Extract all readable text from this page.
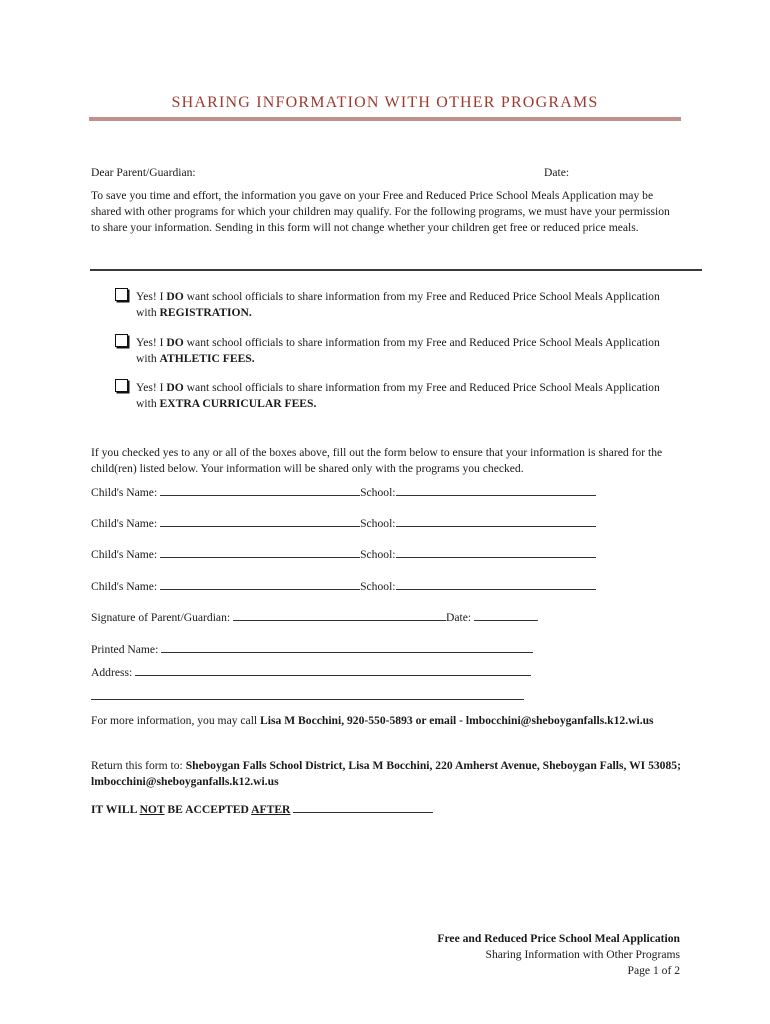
SHARING INFORMATION WITH OTHER PROGRAMS
Dear Parent/Guardian:	Date:
To save you time and effort, the information you gave on your Free and Reduced Price School Meals Application may be shared with other programs for which your children may qualify. For the following programs, we must have your permission to share your information. Sending in this form will not change whether your children get free or reduced price meals.
Yes! I DO want school officials to share information from my Free and Reduced Price School Meals Application with REGISTRATION.
Yes! I DO want school officials to share information from my Free and Reduced Price School Meals Application with ATHLETIC FEES.
Yes! I DO want school officials to share information from my Free and Reduced Price School Meals Application with EXTRA CURRICULAR FEES.
If you checked yes to any or all of the boxes above, fill out the form below to ensure that your information is shared for the child(ren) listed below. Your information will be shared only with the programs you checked.
Child's Name:	School:
Child's Name:	School:
Child's Name:	School:
Child's Name:	School:
Signature of Parent/Guardian:	Date:
Printed Name:
Address:
For more information, you may call Lisa M Bocchini, 920-550-5893 or email - lmbocchini@sheboyganfalls.k12.wi.us
Return this form to: Sheboygan Falls School District, Lisa M Bocchini, 220 Amherst Avenue, Sheboygan Falls, WI 53085; lmbocchini@sheboyganfalls.k12.wi.us
IT WILL NOT BE ACCEPTED AFTER
Free and Reduced Price School Meal Application
Sharing Information with Other Programs
Page 1 of 2
